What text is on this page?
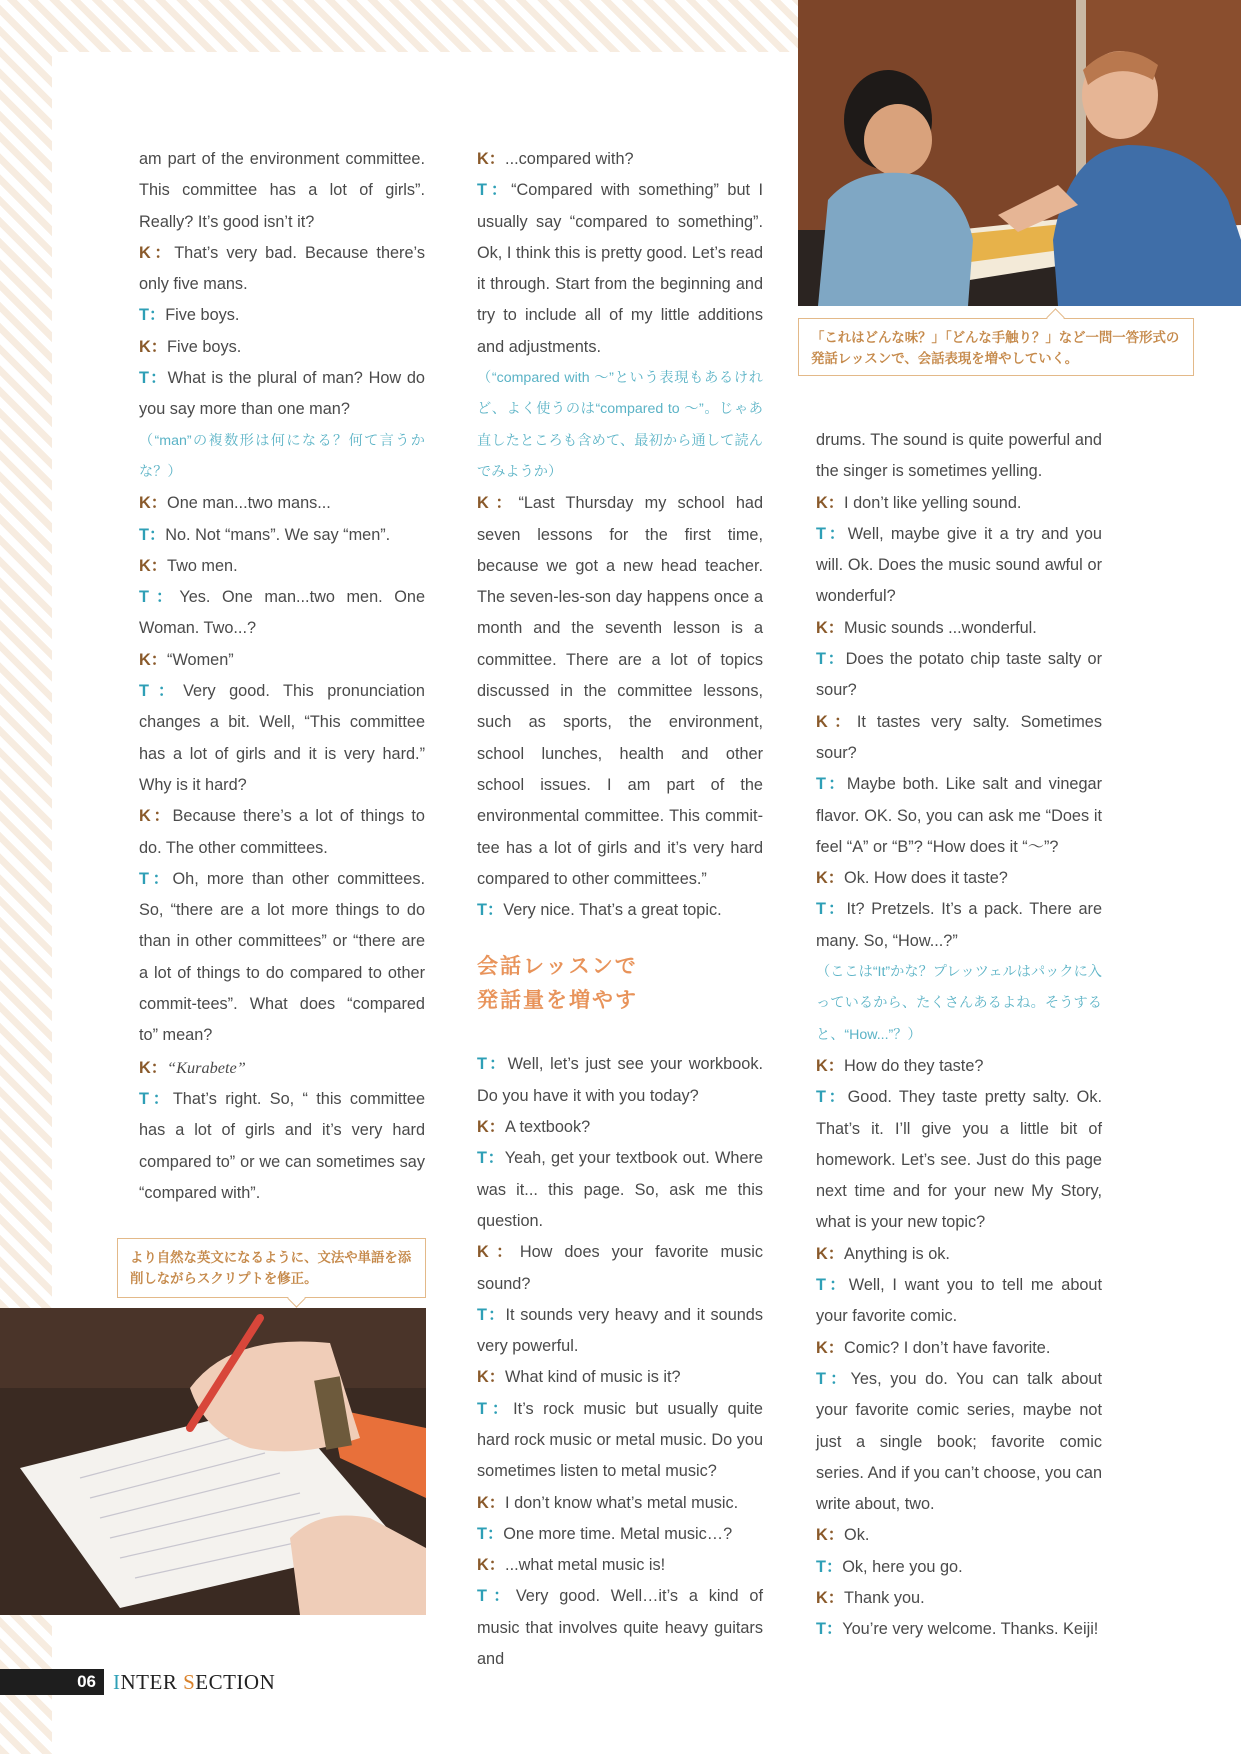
「これはどんな味？」「どんな手触り？」など一問一答形式の発話レッスンで、会話表現を増やしていく。

am part of the environment committee. This committee has a lot of girls”. Really? It’s good isn’t it?

K：That’s very bad. Because there’s only five mans.

T：Five boys.

K：Five boys.

T：What is the plural of man? How do you say more than one man?

（“man”の複数形は何になる？何て言うかな？）

K：One man...two mans...

T：No. Not “mans”. We say “men”.

K：Two men.

T：Yes. One man...two men. One Woman. Two...?

K：“Women”

T：Very good. This pronunciation changes a bit. Well, “This committee has a lot of girls and it is very hard.” Why is it hard?

K：Because there’s a lot of things to do. The other committees.

T：Oh, more than other committees. So, “there are a lot more things to do than in other committees” or “there are a lot of things to do compared to other commit-tees”. What does “compared to” mean?

K：“Kurabete”

T：That’s right. So, “ this committee has a lot of girls and it’s very hard compared to” or we can sometimes say “compared with”.

より自然な英文になるように、文法や単語を添削しながらスクリプトを修正。

K：...compared with?

T：“Compared with something” but I usually say “compared to something”. Ok, I think this is pretty good. Let’s read it through. Start from the beginning and try to include all of my little additions and adjustments.

（“compared with 〜”という表現もあるけれど、よく使うのは“compared to 〜”。じゃあ直したところも含めて、最初から通して読んでみようか）

K：“Last Thursday my school had seven lessons for the first time, because we got a new head teacher. The seven-les-son day happens once a month and the seventh lesson is a committee. There are a lot of topics discussed in the committee lessons, such as sports, the environment, school lunches, health and other school issues. I am part of the environmental committee. This commit-tee has a lot of girls and it’s very hard compared to other committees.”

T：Very nice. That’s a great topic.

会話レッスンで
発話量を増やす

T：Well, let’s just see your workbook. Do you have it with you today?

K：A textbook?

T：Yeah, get your textbook out. Where was it... this page. So, ask me this question.

K：How does your favorite music sound?

T：It sounds very heavy and it sounds very powerful.

K：What kind of music is it?

T：It’s rock music but usually quite hard rock music or metal music. Do you sometimes listen to metal music?

K：I don’t know what’s metal music.

T：One more time. Metal music…?

K：...what metal music is!

T：Very good. Well…it’s a kind of music that involves quite heavy guitars and

drums. The sound is quite powerful and the singer is sometimes yelling.

K：I don’t like yelling sound.

T：Well, maybe give it a try and you will. Ok. Does the music sound awful or wonderful?

K：Music sounds ...wonderful.

T：Does the potato chip taste salty or sour?

K：It tastes very salty. Sometimes sour?

T：Maybe both. Like salt and vinegar flavor. OK. So, you can ask me “Does it feel “A” or “B”? “How does it “〜”?

K：Ok. How does it taste?

T：It? Pretzels. It’s a pack. There are many. So, “How...?”

（ここは“It”かな？プレッツェルはパックに入っているから、たくさんあるよね。そうすると、“How...”？）

K：How do they taste?

T：Good. They taste pretty salty. Ok. That’s it. I’ll give you a little bit of homework. Let’s see. Just do this page next time and for your new My Story, what is your new topic?

K：Anything is ok.

T：Well, I want you to tell me about your favorite comic.

K：Comic? I don’t have favorite.

T：Yes, you do. You can talk about your favorite comic series, maybe not just a single book; favorite comic series. And if you can’t choose, you can write about, two.

K：Ok.

T：Ok, here you go.

K：Thank you.

T：You’re very welcome. Thanks. Keiji!

06 INTER SECTION
